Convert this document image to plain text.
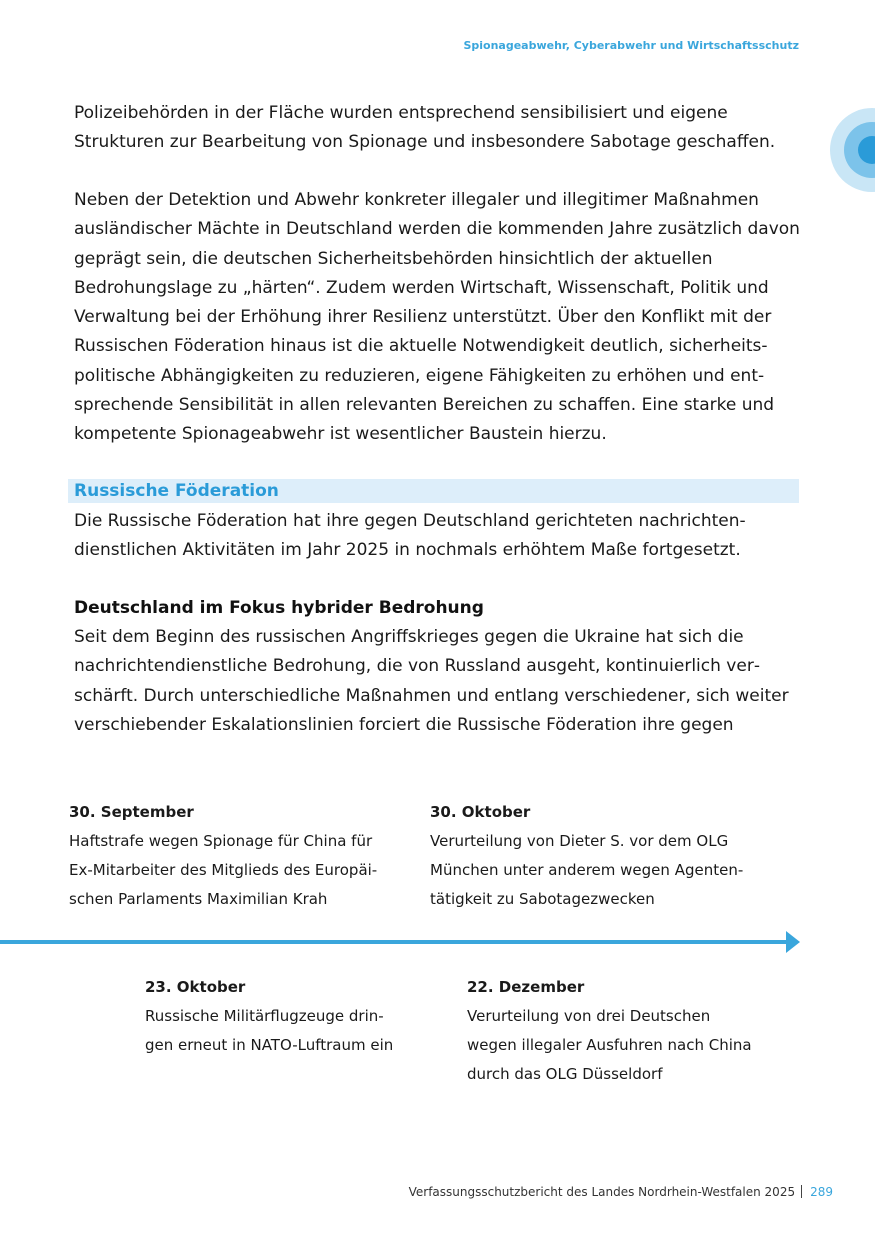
Spionageabwehr, Cyberabwehr und Wirtschaftsschutz

Polizeibehörden in der Fläche wurden entsprechend sensibilisiert und eigene Strukturen zur Bearbeitung von Spionage und insbesondere Sabotage geschaffen.

Neben der Detektion und Abwehr konkreter illegaler und illegitimer Maßnahmen ausländischer Mächte in Deutschland werden die kommenden Jahre zusätzlich davon geprägt sein, die deutschen Sicherheitsbehörden hinsichtlich der aktuellen Bedrohungslage zu „härten“. Zudem werden Wirtschaft, Wissenschaft, Politik und Verwaltung bei der Erhöhung ihrer Resilienz unterstützt. Über den Konflikt mit der Russischen Föderation hinaus ist die aktuelle Notwendigkeit deutlich, sicherheitspolitische Abhängigkeiten zu reduzieren, eigene Fähigkeiten zu erhöhen und entsprechende Sensibilität in allen relevanten Bereichen zu schaffen. Eine starke und kompetente Spionageabwehr ist wesentlicher Baustein hierzu.

Russische Föderation

Die Russische Föderation hat ihre gegen Deutschland gerichteten nachrichtendienstlichen Aktivitäten im Jahr 2025 in nochmals erhöhtem Maße fortgesetzt.

Deutschland im Fokus hybrider Bedrohung

Seit dem Beginn des russischen Angriffskrieges gegen die Ukraine hat sich die nachrichtendienstliche Bedrohung, die von Russland ausgeht, kontinuierlich verschärft. Durch unterschiedliche Maßnahmen und entlang verschiedener, sich weiter verschiebender Eskalationslinien forciert die Russische Föderation ihre gegen

30. September
Haftstrafe wegen Spionage für China für
Ex-Mitarbeiter des Mitglieds des Europäi-
schen Parlaments Maximilian Krah
30. Oktober
Verurteilung von Dieter S. vor dem OLG
München unter anderem wegen Agenten-
tätigkeit zu Sabotagezwecken
23. Oktober
Russische Militärflugzeuge drin-
gen erneut in NATO-Luftraum ein
22. Dezember
Verurteilung von drei Deutschen
wegen illegaler Ausfuhren nach China
durch das OLG Düsseldorf
Verfassungsschutzbericht des Landes Nordrhein-Westfalen 2025 289
